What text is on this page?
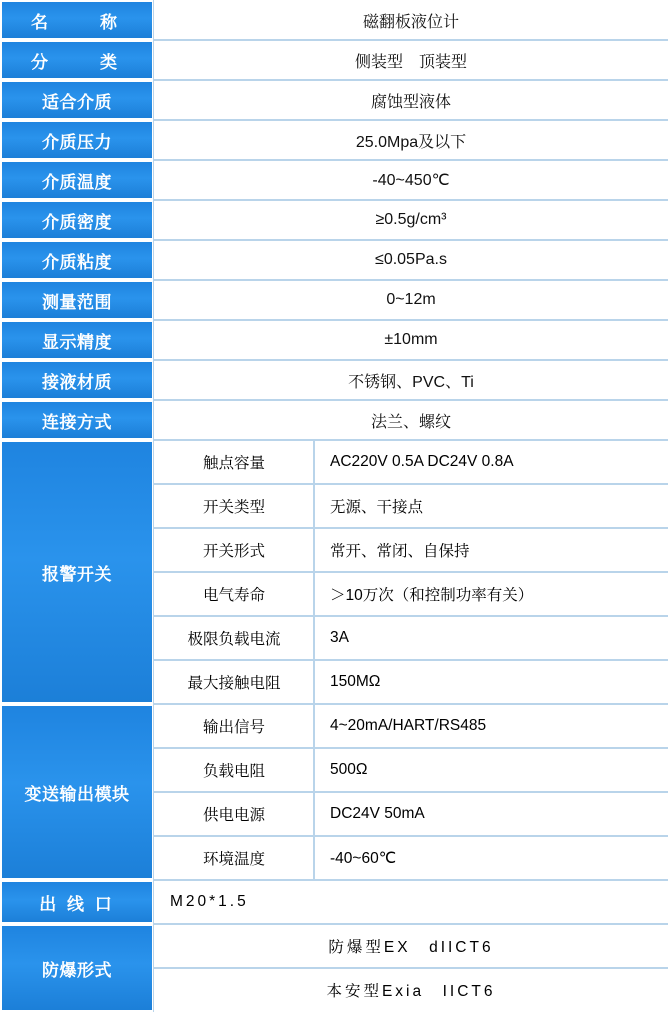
名　　称	磁翻板液位计

分　　类	侧装型　顶装型

适合介质	腐蚀型液体

介质压力	25.0Mpa及以下

介质温度	-40~450℃

介质密度	≥0.5g/cm³

介质粘度	≤0.05Pa.s

测量范围	0~12m

显示精度	±10mm

接液材质	不锈钢、PVC、Ti

连接方式	法兰、螺纹

报警开关	
触点容量	AC220V 0.5A DC24V 0.8A
开关类型	无源、干接点
开关形式	常开、常闭、自保持
电气寿命	＞10万次（和控制功率有关）
极限负载电流	3A
最大接触电阻	150MΩ

变送输出模块	
输出信号	4~20mA/HART/RS485
负载电阻	500Ω
供电电源	DC24V 50mA
环境温度	-40~60℃

出 线 口		M20*1.5

防爆形式	
防爆型EX　dIICT6
本安型Exia　IICT6
